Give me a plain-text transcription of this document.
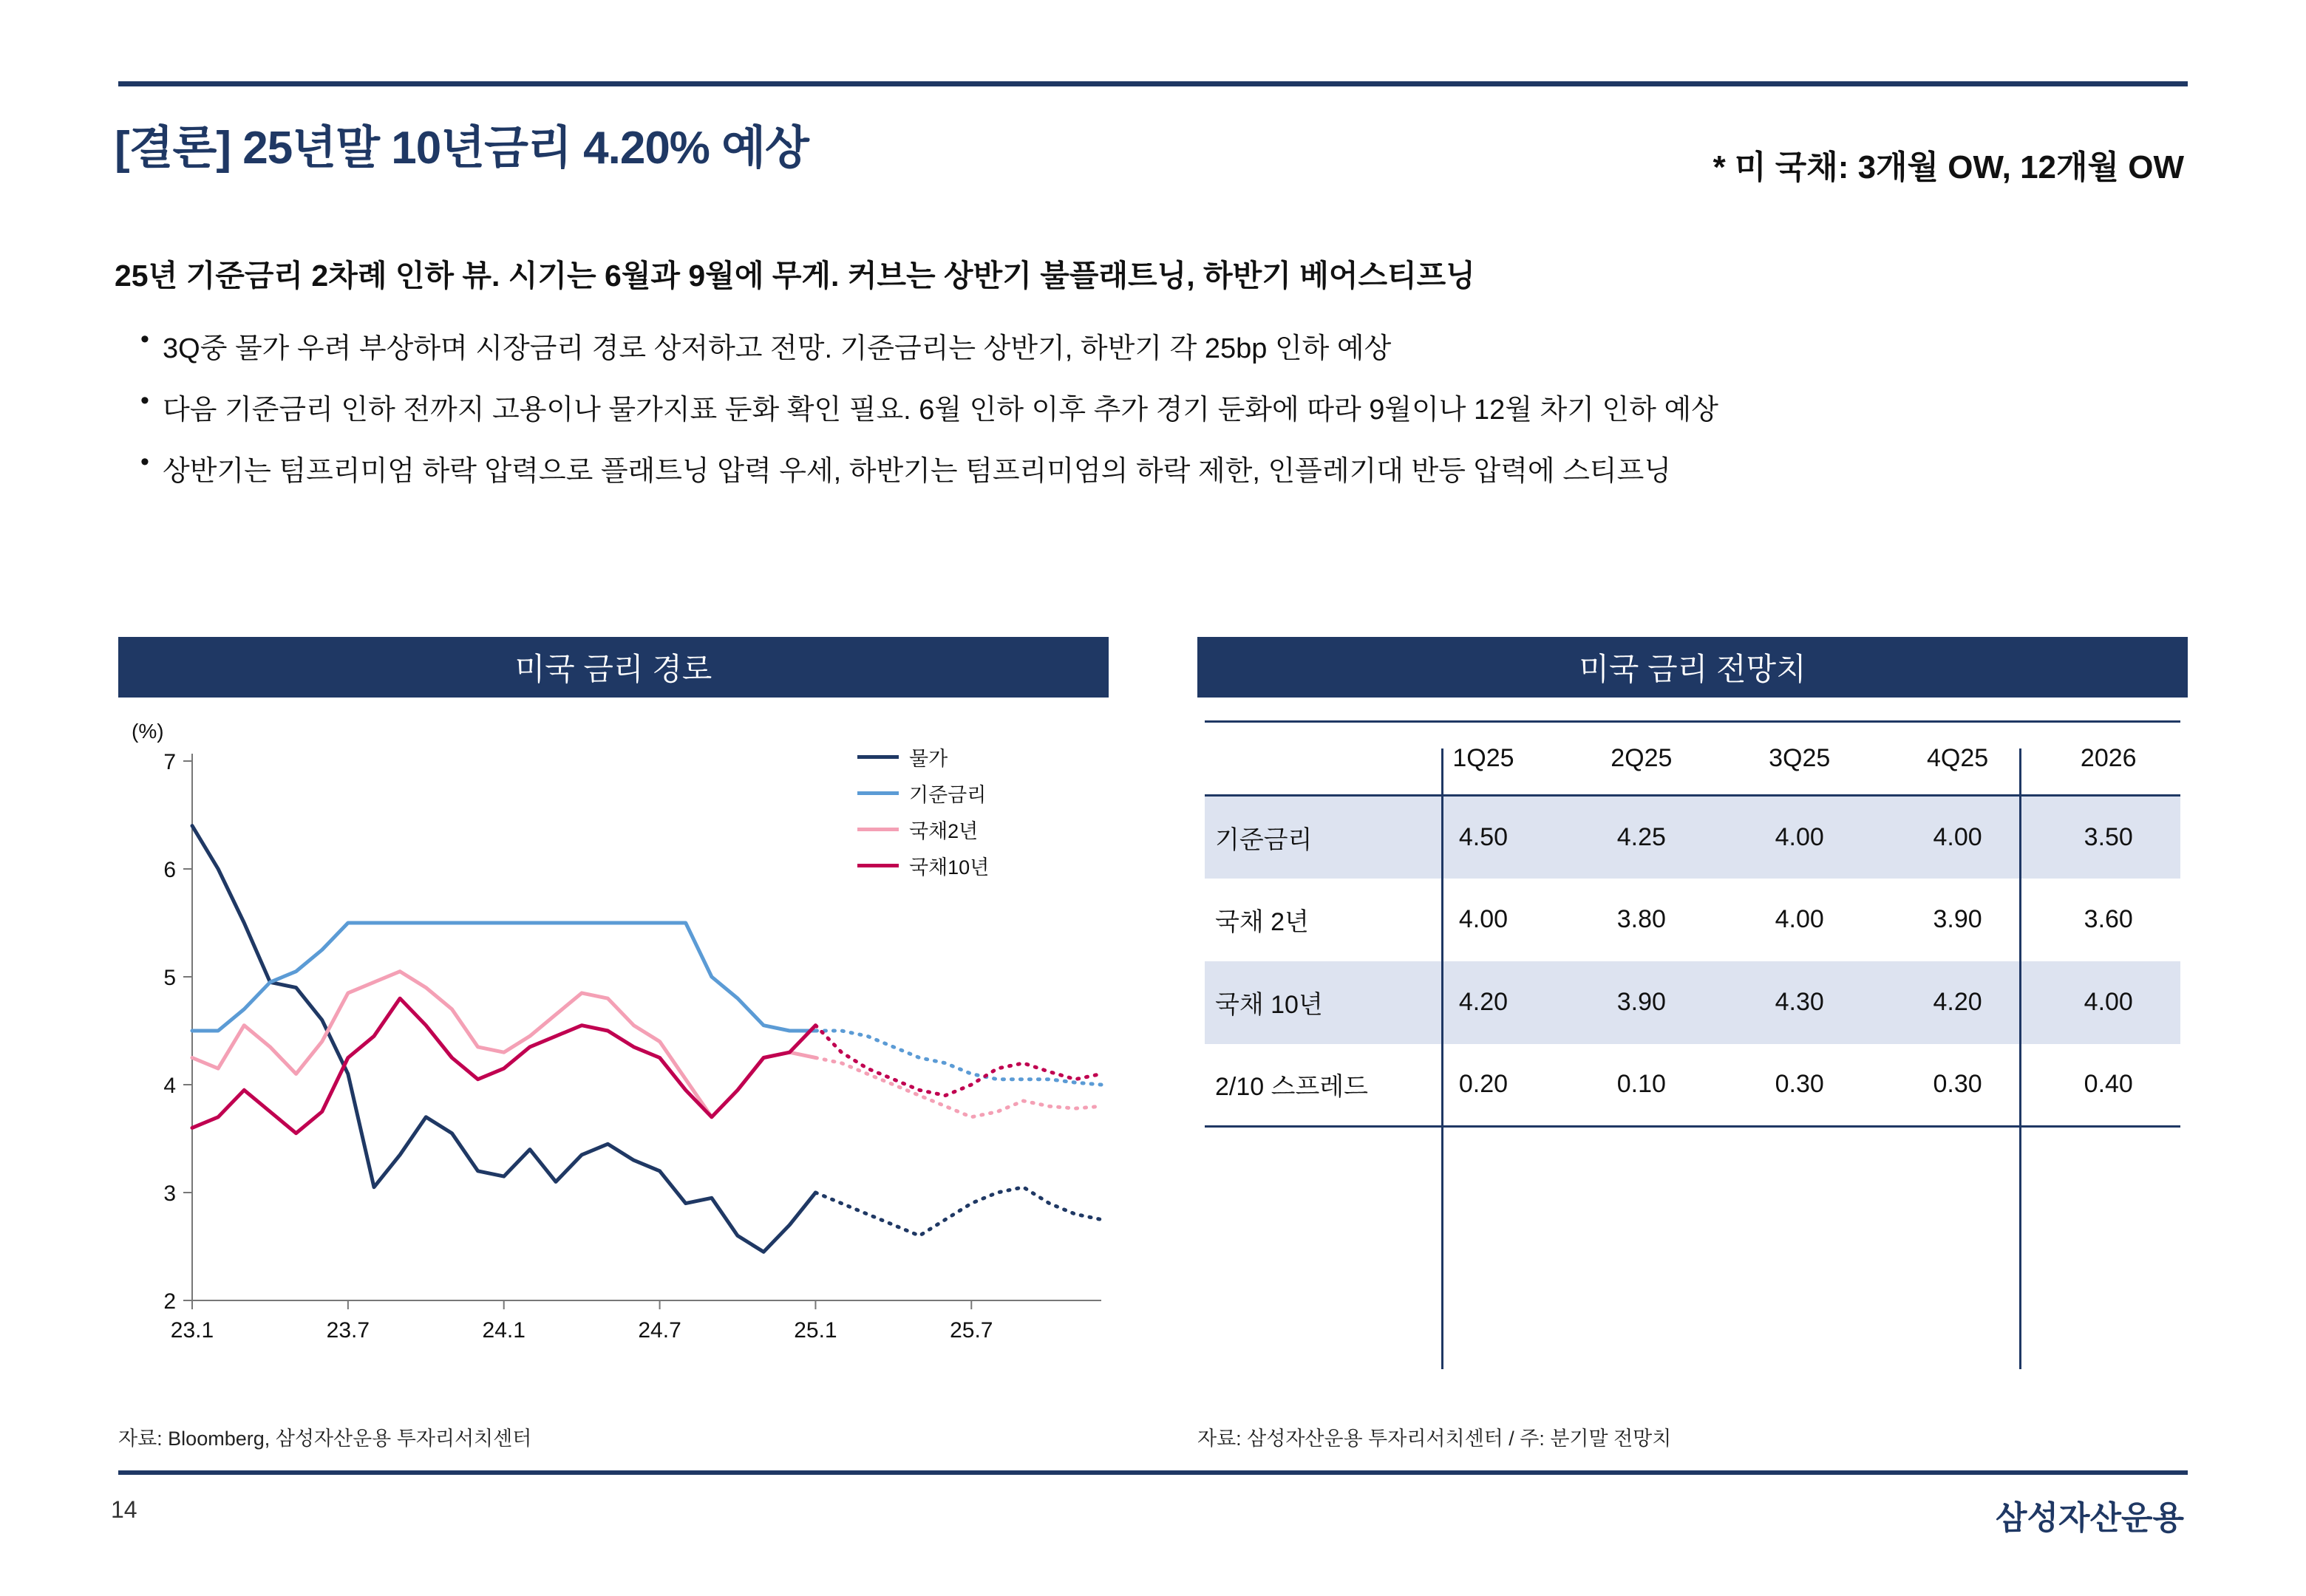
[결론] 25년말 10년금리 4.20% 예상	* 미 국채: 3개월 OW, 12개월 OW
25년 기준금리 2차례 인하 뷰. 시기는 6월과 9월에 무게. 커브는 상반기 불플래트닝, 하반기 베어스티프닝
• 3Q중 물가 우려 부상하며 시장금리 경로 상저하고 전망. 기준금리는 상반기, 하반기 각 25bp 인하 예상
• 다음 기준금리 인하 전까지 고용이나 물가지표 둔화 확인 필요. 6월 인하 이후 추가 경기 둔화에 따라 9월이나 12월 차기 인하 예상
• 상반기는 텀프리미엄 하락 압력으로 플래트닝 압력 우세, 하반기는 텀프리미엄의 하락 제한, 인플레기대 반등 압력에 스티프닝
미국 금리 경로
(%)
2
3
4
5
6
7
23.1	23.7	24.1	24.7	25.1	25.7
물가
기준금리
국채2년
국채10년
자료: Bloomberg, 삼성자산운용 투자리서치센터
미국 금리 전망치
	1Q25	2Q25	3Q25	4Q25	2026
기준금리	4.50	4.25	4.00	4.00	3.50
국채 2년	4.00	3.80	4.00	3.90	3.60
국채 10년	4.20	3.90	4.30	4.20	4.00
2/10 스프레드	0.20	0.10	0.30	0.30	0.40
자료: 삼성자산운용 투자리서치센터 / 주: 분기말 전망치
14	삼성자산운용
